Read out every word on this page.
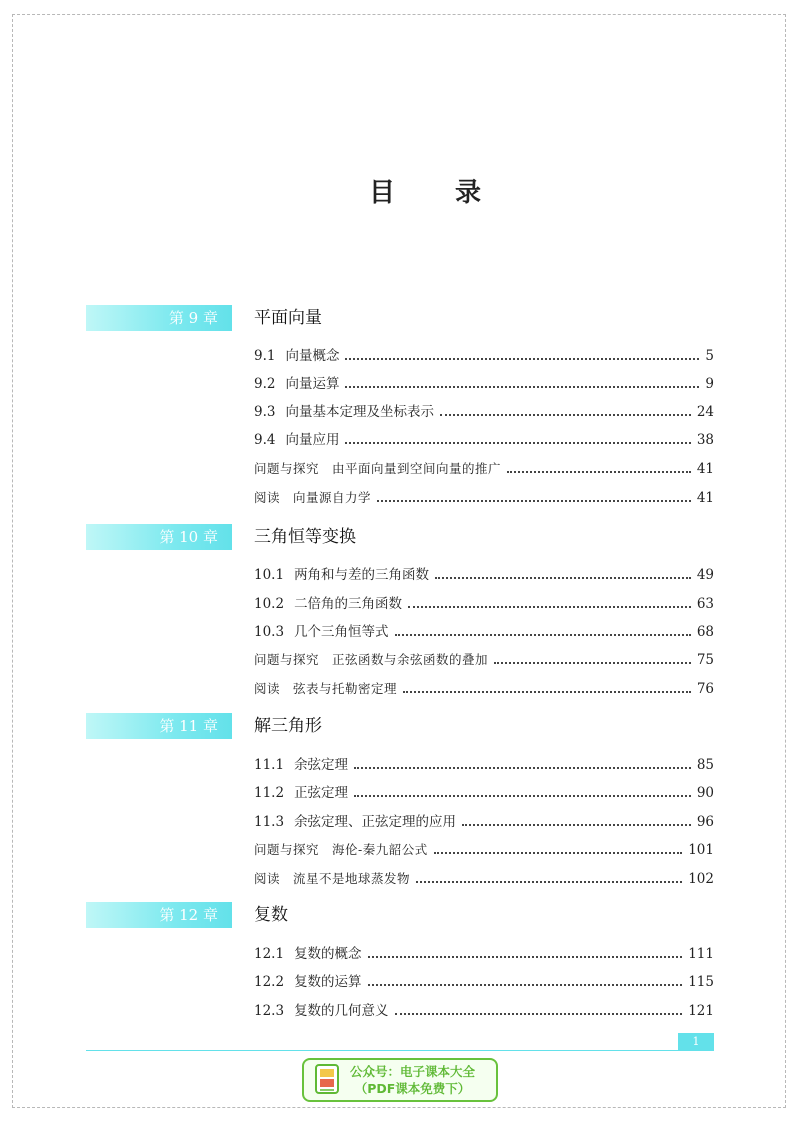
目录
第 9 章	平面向量
9.1 向量概念	5
9.2 向量运算	9
9.3 向量基本定理及坐标表示	24
9.4 向量应用	38
问题与探究　由平面向量到空间向量的推广	41
阅读　向量源自力学	41
第 10 章	三角恒等变换
10.1 两角和与差的三角函数	49
10.2 二倍角的三角函数	63
10.3 几个三角恒等式	68
问题与探究　正弦函数与余弦函数的叠加	75
阅读　弦表与托勒密定理	76
第 11 章	解三角形
11.1 余弦定理	85
11.2 正弦定理	90
11.3 余弦定理、正弦定理的应用	96
问题与探究　海伦-秦九韶公式	101
阅读　流星不是地球蒸发物	102
第 12 章	复数
12.1 复数的概念	111
12.2 复数的运算	115
12.3 复数的几何意义	121
1
公众号：电子课本大全
（PDF课本免费下）
